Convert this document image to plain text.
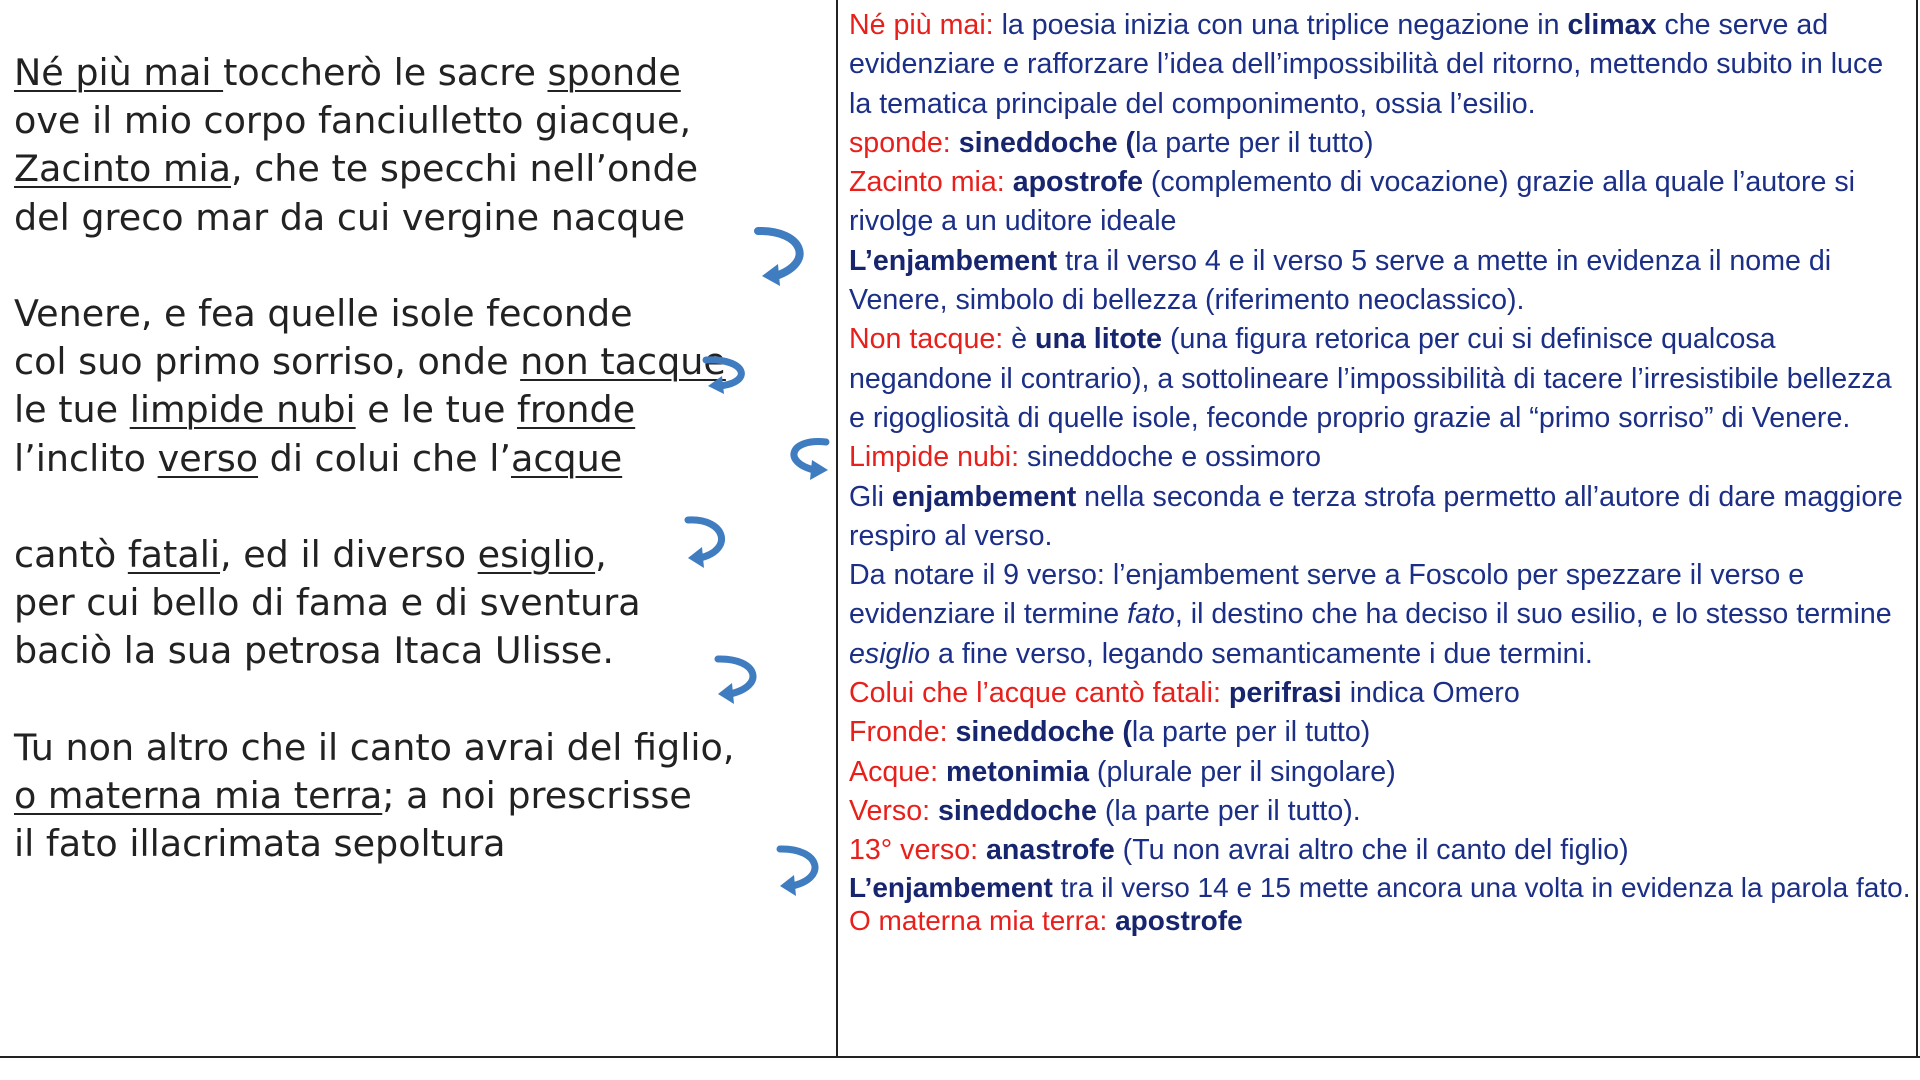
Né più mai toccherò le sacre sponde
ove il mio corpo fanciulletto giacque,
Zacinto mia, che te specchi nell’onde
del greco mar da cui vergine nacque
Venere, e fea quelle isole feconde
col suo primo sorriso, onde non tacque
le tue limpide nubi e le tue fronde
l’inclito verso di colui che l’acque
cantò fatali, ed il diverso esiglio,
per cui bello di fama e di sventura
baciò la sua petrosa Itaca Ulisse.
Tu non altro che il canto avrai del figlio,
o materna mia terra; a noi prescrisse
il fato illacrimata sepoltura

Né più mai: la poesia inizia con una triplice negazione in climax che serve ad evidenziare e rafforzare l’idea dell’impossibilità del ritorno, mettendo subito in luce la tematica principale del componimento, ossia l’esilio.

sponde: sineddoche (la parte per il tutto)

Zacinto mia: apostrofe (complemento di vocazione) grazie alla quale l’autore si rivolge a un uditore ideale

L’enjambement tra il verso 4 e il verso 5 serve a mette in evidenza il nome di Venere, simbolo di bellezza (riferimento neoclassico).

Non tacque: è una litote (una figura retorica per cui si definisce qualcosa negandone il contrario), a sottolineare l’impossibilità di tacere l’irresistibile bellezza e rigogliosità di quelle isole, feconde proprio grazie al “primo sorriso” di Venere.

Limpide nubi: sineddoche e ossimoro

Gli enjambement nella seconda e terza strofa permetto all’autore di dare maggiore respiro al verso.

Da notare il 9 verso: l’enjambement serve a Foscolo per spezzare il verso e evidenziare il termine fato, il destino che ha deciso il suo esilio, e lo stesso termine esiglio a fine verso, legando semanticamente i due termini.

Colui che l’acque cantò fatali: perifrasi indica Omero

Fronde: sineddoche (la parte per il tutto)

Acque: metonimia (plurale per il singolare)

Verso: sineddoche (la parte per il tutto).

13° verso: anastrofe (Tu non avrai altro che il canto del figlio)

L’enjambement tra il verso 14 e 15 mette ancora una volta in evidenza la parola fato.

O materna mia terra: apostrofe
